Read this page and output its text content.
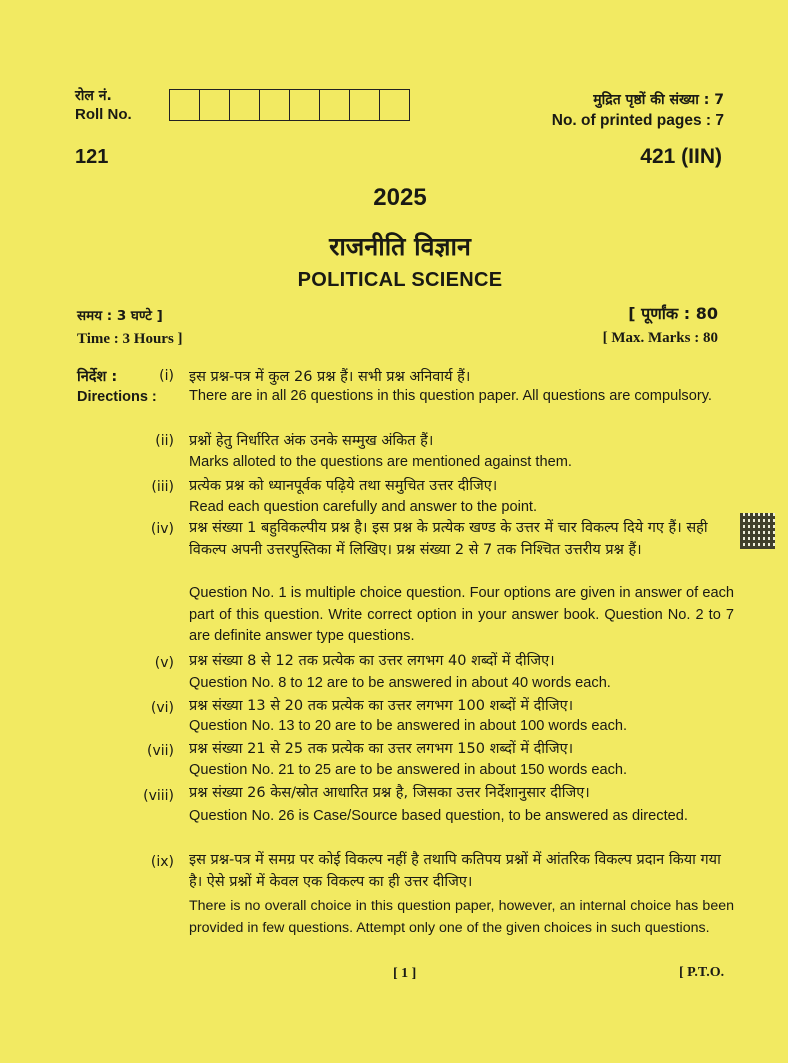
रोल नं.
Roll No.
मुद्रित पृष्ठों की संख्या : 7
No. of printed pages : 7
121	421 (IIN)
2025
राजनीति विज्ञान
POLITICAL SCIENCE
समय : 3 घण्टे ]
Time : 3 Hours ]
[ पूर्णांक : 80
[ Max. Marks : 80
निर्देश :
Directions :
(i) इस प्रश्न-पत्र में कुल 26 प्रश्न हैं। सभी प्रश्न अनिवार्य हैं।
There are in all 26 questions in this question paper. All questions are compulsory.
(ii) प्रश्नों हेतु निर्धारित अंक उनके सम्मुख अंकित हैं।
Marks alloted to the questions are mentioned against them.
(iii) प्रत्येक प्रश्न को ध्यानपूर्वक पढ़िये तथा समुचित उत्तर दीजिए।
Read each question carefully and answer to the point.
(iv) प्रश्न संख्या 1 बहुविकल्पीय प्रश्न है। इस प्रश्न के प्रत्येक खण्ड के उत्तर में चार विकल्प दिये गए हैं। सही विकल्प अपनी उत्तरपुस्तिका में लिखिए। प्रश्न संख्या 2 से 7 तक निश्चित उत्तरीय प्रश्न हैं।
Question No. 1 is multiple choice question. Four options are given in answer of each part of this question. Write correct option in your answer book. Question No. 2 to 7 are definite answer type questions.
(v) प्रश्न संख्या 8 से 12 तक प्रत्येक का उत्तर लगभग 40 शब्दों में दीजिए।
Question No. 8 to 12 are to be answered in about 40 words each.
(vi) प्रश्न संख्या 13 से 20 तक प्रत्येक का उत्तर लगभग 100 शब्दों में दीजिए।
Question No. 13 to 20 are to be answered in about 100 words each.
(vii) प्रश्न संख्या 21 से 25 तक प्रत्येक का उत्तर लगभग 150 शब्दों में दीजिए।
Question No. 21 to 25 are to be answered in about 150 words each.
(viii) प्रश्न संख्या 26 केस/स्रोत आधारित प्रश्न है, जिसका उत्तर निर्देशानुसार दीजिए।
Question No. 26 is Case/Source based question, to be answered as directed.
(ix) इस प्रश्न-पत्र में समग्र पर कोई विकल्प नहीं है तथापि कतिपय प्रश्नों में आंतरिक विकल्प प्रदान किया गया है। ऐसे प्रश्नों में केवल एक विकल्प का ही उत्तर दीजिए।
There is no overall choice in this question paper, however, an internal choice has been provided in few questions. Attempt only one of the given choices in such questions.
[ 1 ]	[ P.T.O.
